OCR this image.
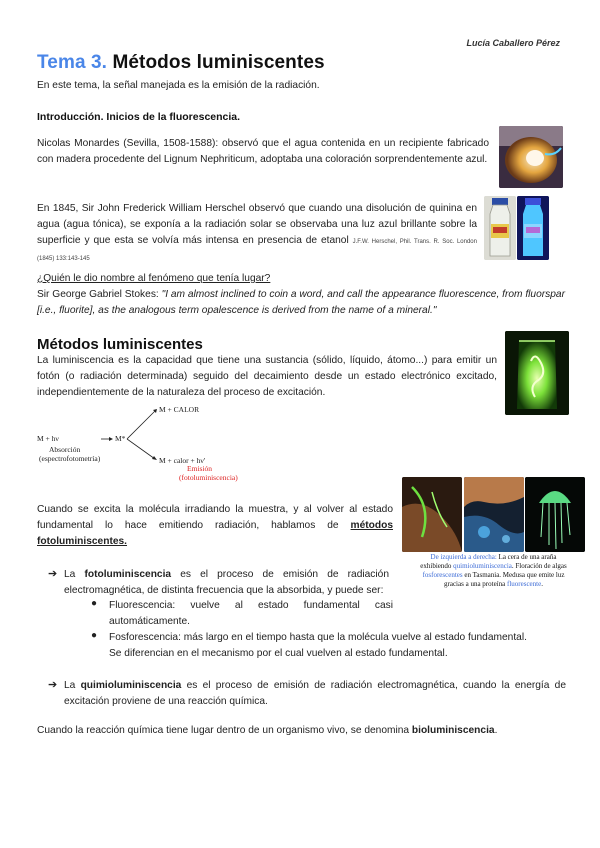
Lucía Caballero Pérez
Tema 3. Métodos luminiscentes
En este tema, la señal manejada es la emisión de la radiación.
Introducción. Inicios de la fluorescencia.
Nicolas Monardes (Sevilla, 1508-1588): observó que el agua contenida en un recipiente fabricado con madera procedente del Lignum Nephriticum, adoptaba una coloración sorprendentemente azul.
En 1845, Sir John Frederick William Herschel observó que cuando una disolución de quinina en agua (agua tónica), se exponía a la radiación solar se observaba una luz azul brillante sobre la superficie y que esta se volvía más intensa en presencia de etanol J.F.W. Herschel, Phil. Trans. R. Soc. London (1845) 133:143-145
¿Quién le dio nombre al fenómeno que tenía lugar?
Sir George Gabriel Stokes: "I am almost inclined to coin a word, and call the appearance fluorescence, from fluorspar [i.e., fluorite], as the analogous term opalescence is derived from the name of a mineral."
Métodos luminiscentes
La luminiscencia es la capacidad que tiene una sustancia (sólido, líquido, átomo...) para emitir un fotón (o radiación determinada) seguido del decaimiento desde un estado electrónico excitado, independientemente de la naturaleza del proceso de excitación.
M + hν	M*
Absorción
(espectrofotometría)
M + CALOR
M + calor + hν'
Emisión
(fotoluminiscencia)
De izquierda a derecha: La cera de una araña
exhibiendo quimioluminiscencia. Floración de algas
fosforescentes en Tasmania. Medusa que emite luz
gracias a una proteína fluorescente.
Cuando se excita la molécula irradiando la muestra, y al volver al estado fundamental lo hace emitiendo radiación, hablamos de métodos fotoluminiscentes.
➔ La fotoluminiscencia es el proceso de emisión de radiación electromagnética, de distinta frecuencia que la absorbida, y puede ser:
● Fluorescencia: vuelve al estado fundamental casi automáticamente.
● Fosforescencia: más largo en el tiempo hasta que la molécula vuelve al estado fundamental.
Se diferencian en el mecanismo por el cual vuelven al estado fundamental.
➔ La quimioluminiscencia es el proceso de emisión de radiación electromagnética, cuando la energía de excitación proviene de una reacción química.
Cuando la reacción química tiene lugar dentro de un organismo vivo, se denomina bioluminiscencia.
